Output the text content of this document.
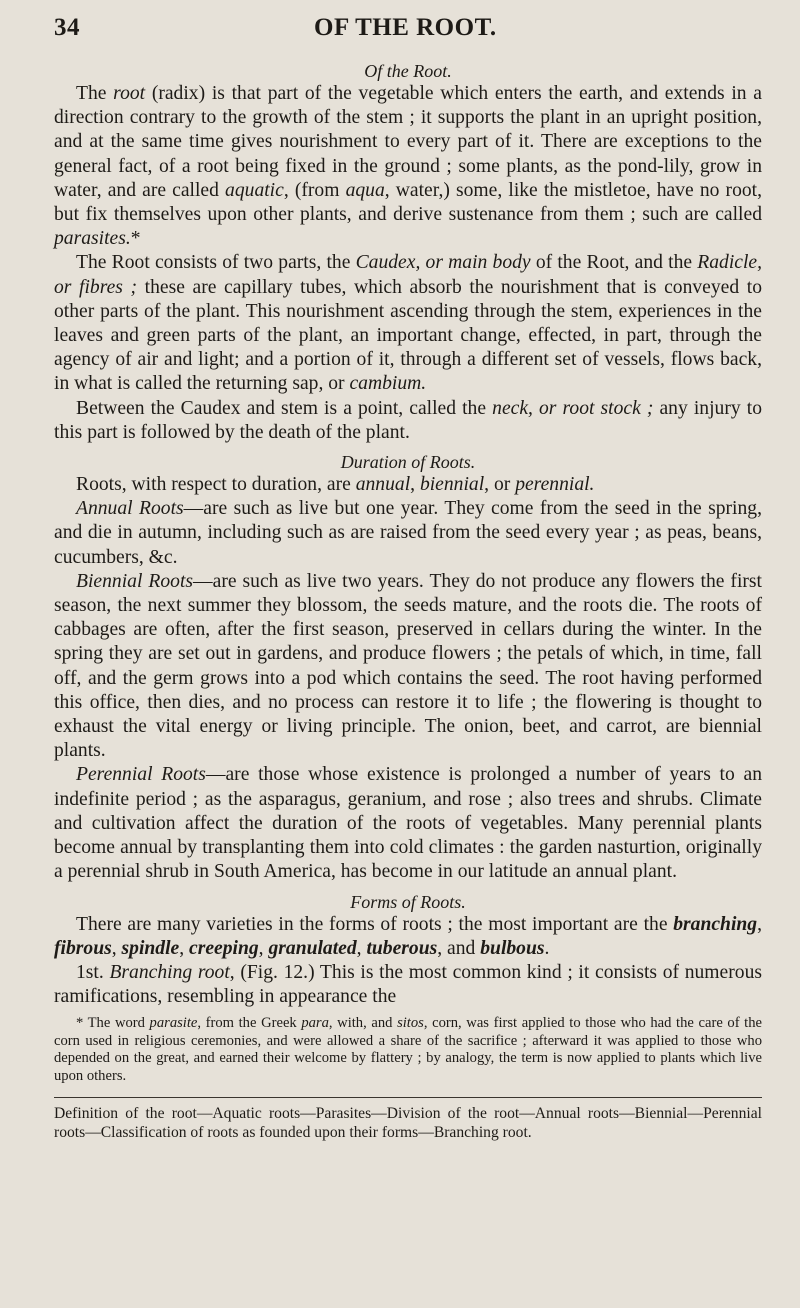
34	OF THE ROOT.
Of the Root.

The root (radix) is that part of the vegetable which enters the earth, and extends in a direction contrary to the growth of the stem ; it supports the plant in an upright position, and at the same time gives nourishment to every part of it. There are exceptions to the general fact, of a root being fixed in the ground ; some plants, as the pond-lily, grow in water, and are called aquatic, (from aqua, water,) some, like the mistletoe, have no root, but fix themselves upon other plants, and derive sustenance from them ; such are called parasites.*

The Root consists of two parts, the Caudex, or main body of the Root, and the Radicle, or fibres ; these are capillary tubes, which absorb the nourishment that is conveyed to other parts of the plant. This nourishment ascending through the stem, experiences in the leaves and green parts of the plant, an important change, effected, in part, through the agency of air and light; and a portion of it, through a different set of vessels, flows back, in what is called the returning sap, or cambium.

Between the Caudex and stem is a point, called the neck, or root stock ; any injury to this part is followed by the death of the plant.

Duration of Roots.

Roots, with respect to duration, are annual, biennial, or perennial.

Annual Roots—are such as live but one year. They come from the seed in the spring, and die in autumn, including such as are raised from the seed every year ; as peas, beans, cucumbers, &c.

Biennial Roots—are such as live two years. They do not produce any flowers the first season, the next summer they blossom, the seeds mature, and the roots die. The roots of cabbages are often, after the first season, preserved in cellars during the winter. In the spring they are set out in gardens, and produce flowers ; the petals of which, in time, fall off, and the germ grows into a pod which contains the seed. The root having performed this office, then dies, and no process can restore it to life ; the flowering is thought to exhaust the vital energy or living principle. The onion, beet, and carrot, are biennial plants.

Perennial Roots—are those whose existence is prolonged a number of years to an indefinite period ; as the asparagus, geranium, and rose ; also trees and shrubs. Climate and cultivation affect the duration of the roots of vegetables. Many perennial plants become annual by transplanting them into cold climates : the garden nasturtion, originally a perennial shrub in South America, has become in our latitude an annual plant.

Forms of Roots.

There are many varieties in the forms of roots ; the most important are the branching, fibrous, spindle, creeping, granulated, tuberous, and bulbous.

1st. Branching root, (Fig. 12.) This is the most common kind ; it consists of numerous ramifications, resembling in appearance the

* The word parasite, from the Greek para, with, and sitos, corn, was first applied to those who had the care of the corn used in religious ceremonies, and were allowed a share of the sacrifice ; afterward it was applied to those who depended on the great, and earned their welcome by flattery ; by analogy, the term is now applied to plants which live upon others.

Definition of the root—Aquatic roots—Parasites—Division of the root—Annual roots—Biennial—Perennial roots—Classification of roots as founded upon their forms—Branching root.
